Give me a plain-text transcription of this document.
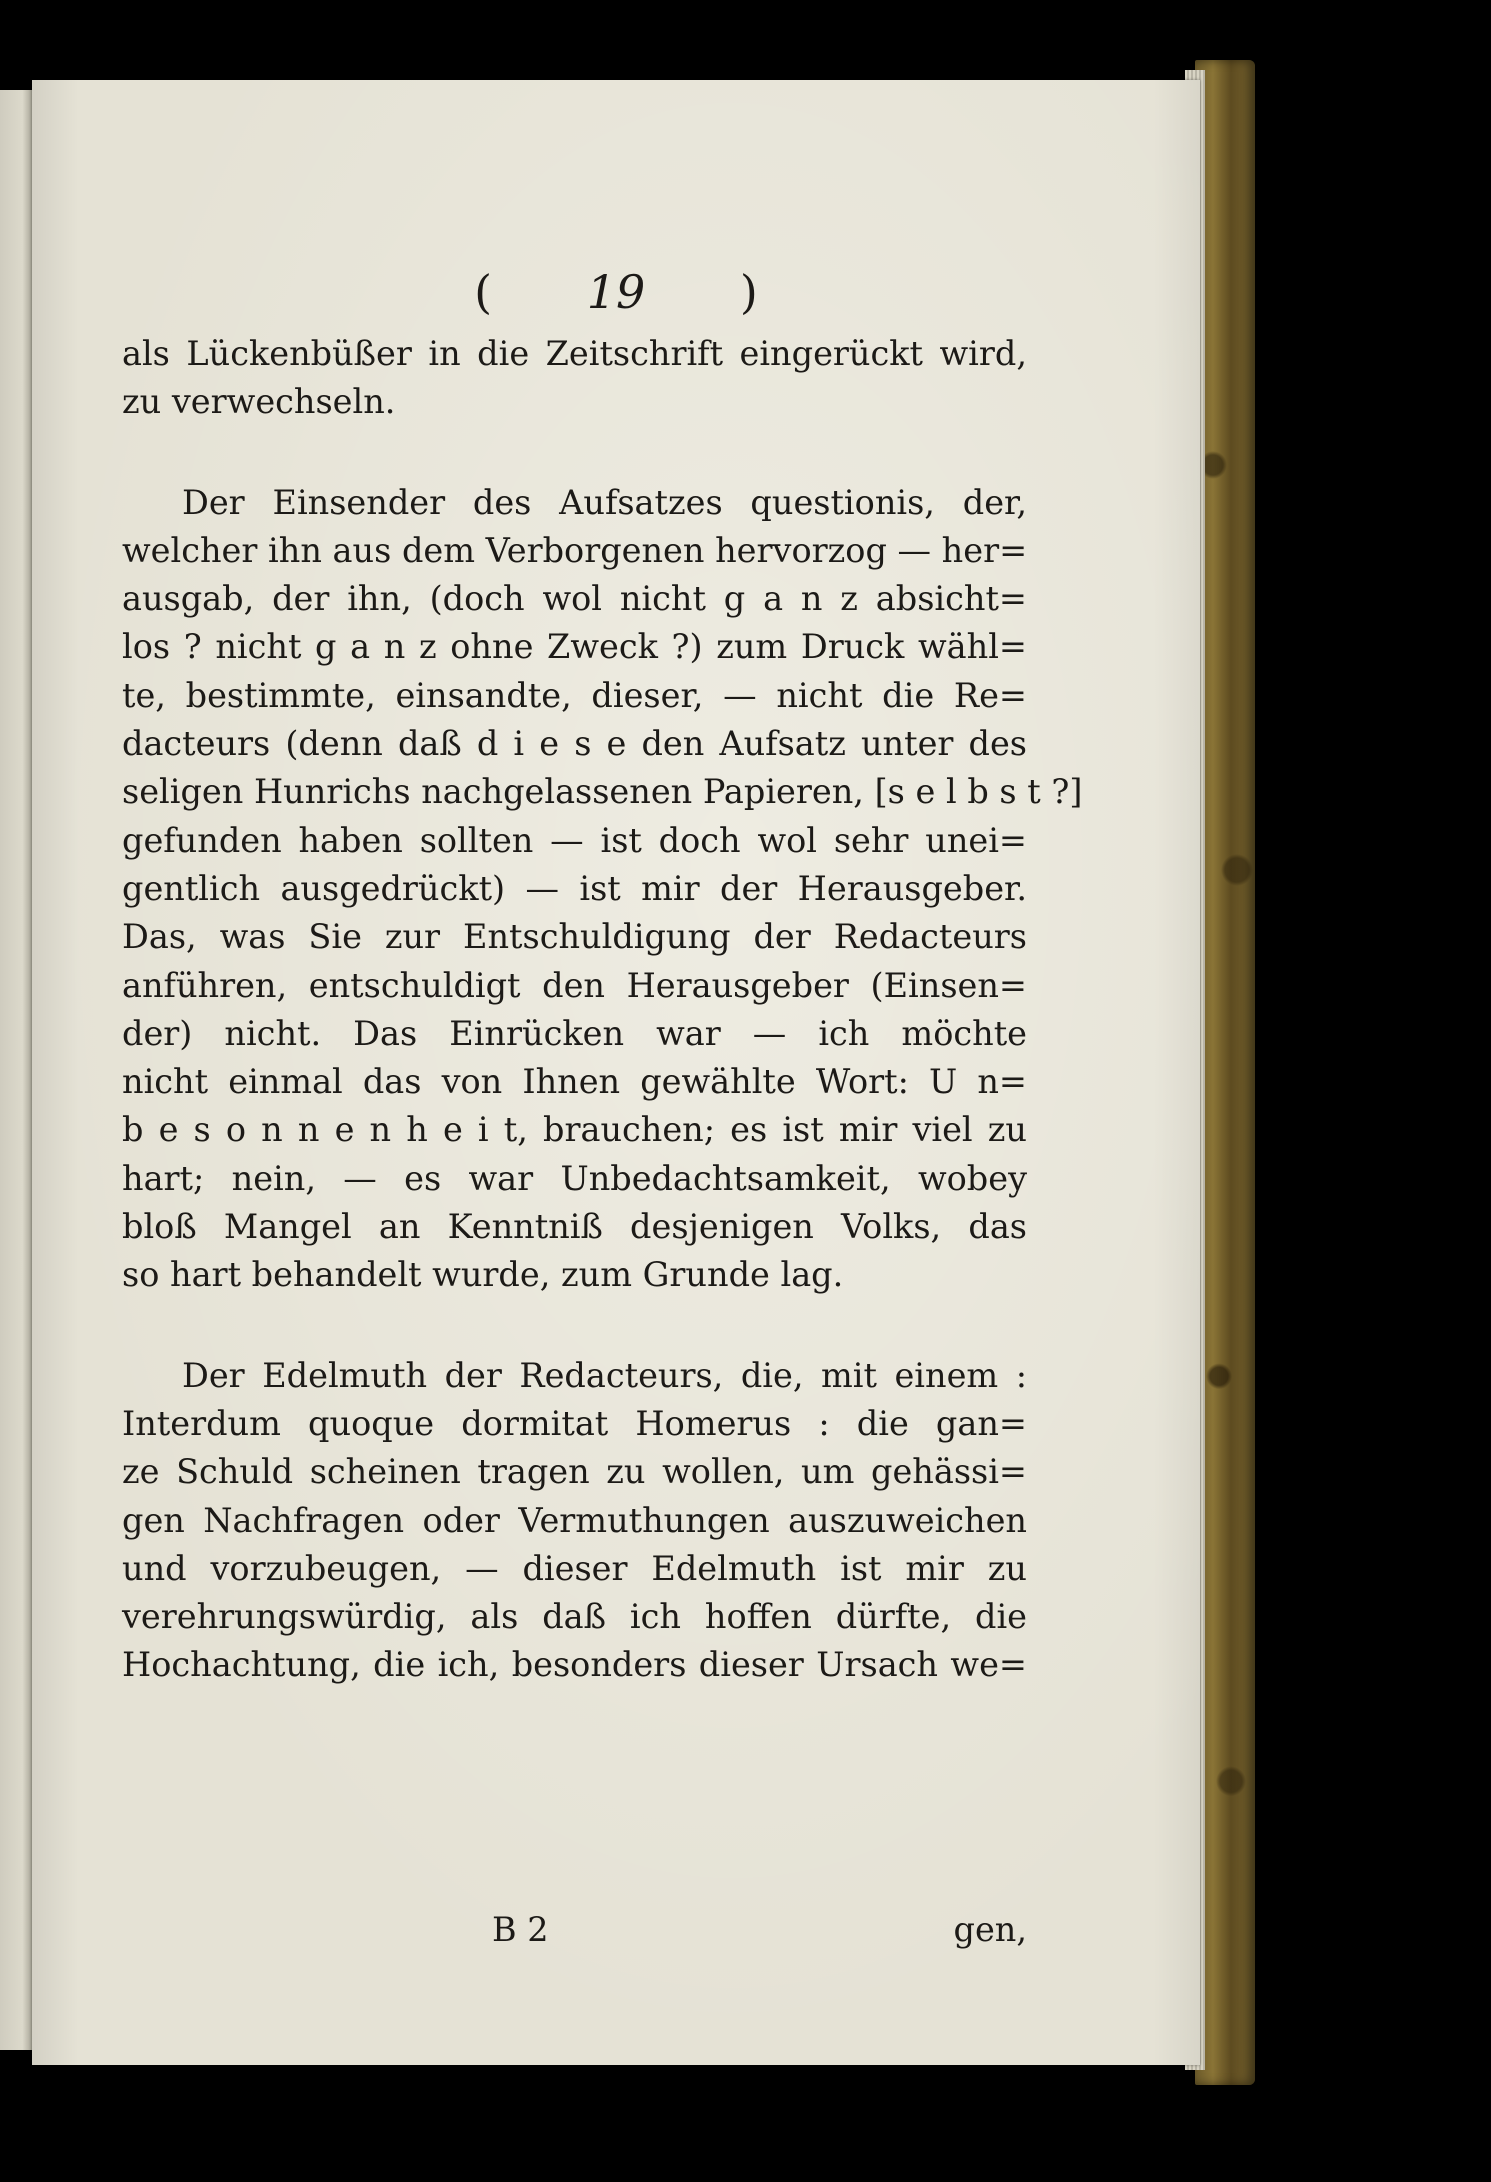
( 19 )
als Lückenbüßer in die Zeitschrift eingerückt wird,
zu verwechseln.
Der Einsender des Aufsatzes questionis, der,
welcher ihn aus dem Verborgenen hervorzog — her=
ausgab, der ihn, (doch wol nicht g a n z absicht=
los ? nicht g a n z ohne Zweck ?) zum Druck wähl=
te, bestimmte, einsandte, dieser, — nicht die Re=
dacteurs (denn daß d i e s e den Aufsatz unter des
seligen Hunrichs nachgelassenen Papieren, [s e l b s t ?]
gefunden haben sollten — ist doch wol sehr unei=
gentlich ausgedrückt) — ist mir der Herausgeber.
Das, was Sie zur Entschuldigung der Redacteurs
anführen, entschuldigt den Herausgeber (Einsen=
der) nicht. Das Einrücken war — ich möchte
nicht einmal das von Ihnen gewählte Wort: U n=
b e s o n n e n h e i t, brauchen; es ist mir viel zu
hart; nein, — es war Unbedachtsamkeit, wobey
bloß Mangel an Kenntniß desjenigen Volks, das
so hart behandelt wurde, zum Grunde lag.
Der Edelmuth der Redacteurs, die, mit einem :
Interdum quoque dormitat Homerus : die gan=
ze Schuld scheinen tragen zu wollen, um gehässi=
gen Nachfragen oder Vermuthungen auszuweichen
und vorzubeugen, — dieser Edelmuth ist mir zu
verehrungswürdig, als daß ich hoffen dürfte, die
Hochachtung, die ich, besonders dieser Ursach we=
B 2	gen,
